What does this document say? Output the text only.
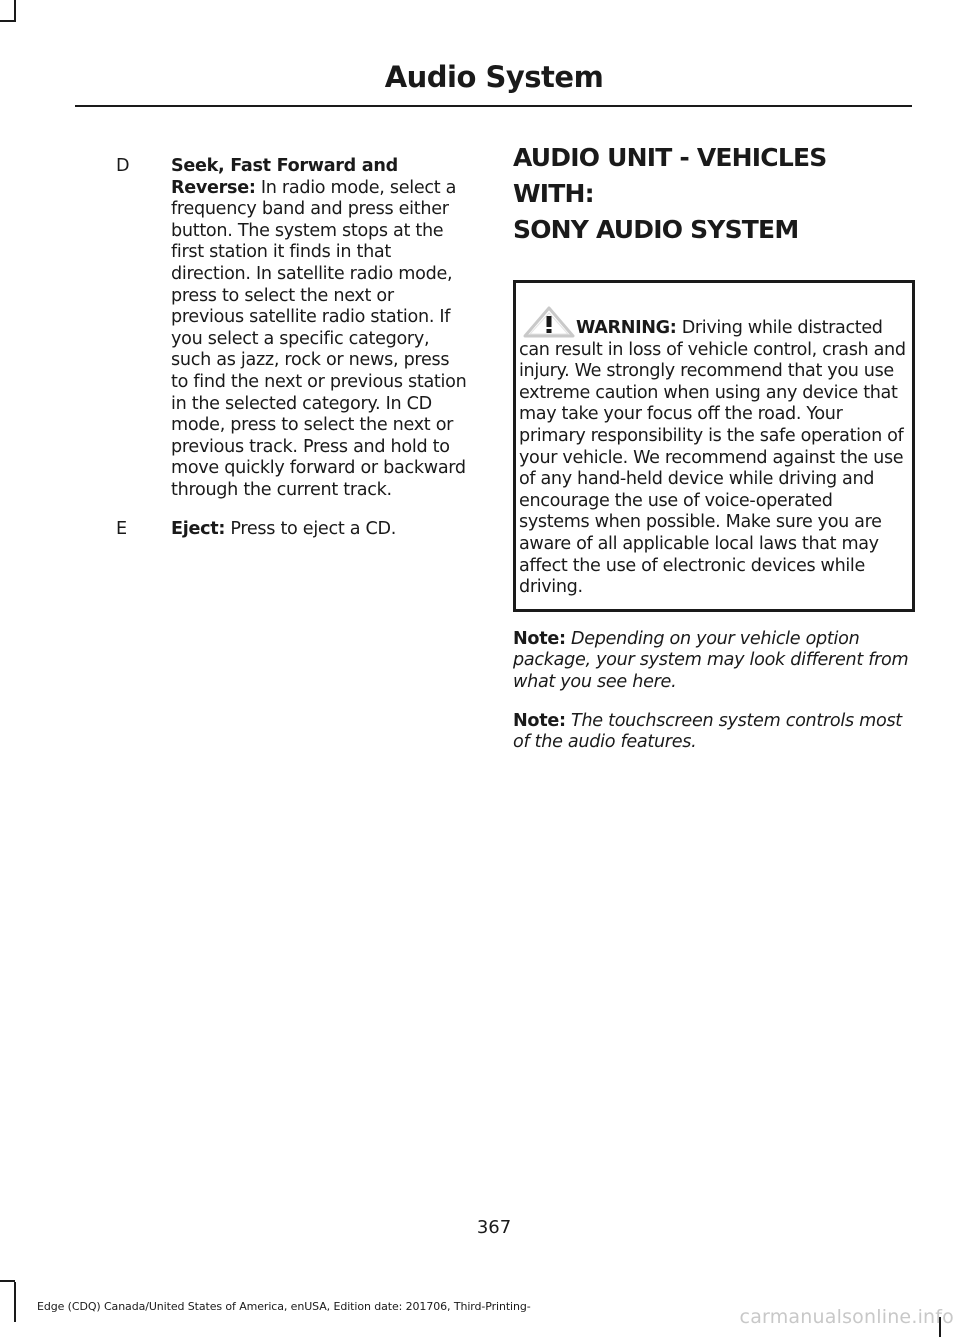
Audio System
D Seek, Fast Forward and Reverse: In radio mode, select a frequency band and press either button. The system stops at the first station it finds in that direction. In satellite radio mode, press to select the next or previous satellite radio station. If you select a specific category, such as jazz, rock or news, press to find the next or previous station in the selected category. In CD mode, press to select the next or previous track. Press and hold to move quickly forward or backward through the current track.
E	Eject: Press to eject a CD.
AUDIO UNIT - VEHICLES WITH:
SONY AUDIO SYSTEM
WARNING: Driving while distracted can result in loss of vehicle control, crash and injury. We strongly recommend that you use extreme caution when using any device that may take your focus off the road. Your primary responsibility is the safe operation of your vehicle. We recommend against the use of any hand-held device while driving and encourage the use of voice-operated systems when possible. Make sure you are aware of all applicable local laws that may affect the use of electronic devices while driving.
Note: Depending on your vehicle option package, your system may look different from what you see here.
Note: The touchscreen system controls most of the audio features.
367
Edge (CDQ) Canada/United States of America, enUSA, Edition date: 201706, Third-Printing-	carmanualsonline.info
